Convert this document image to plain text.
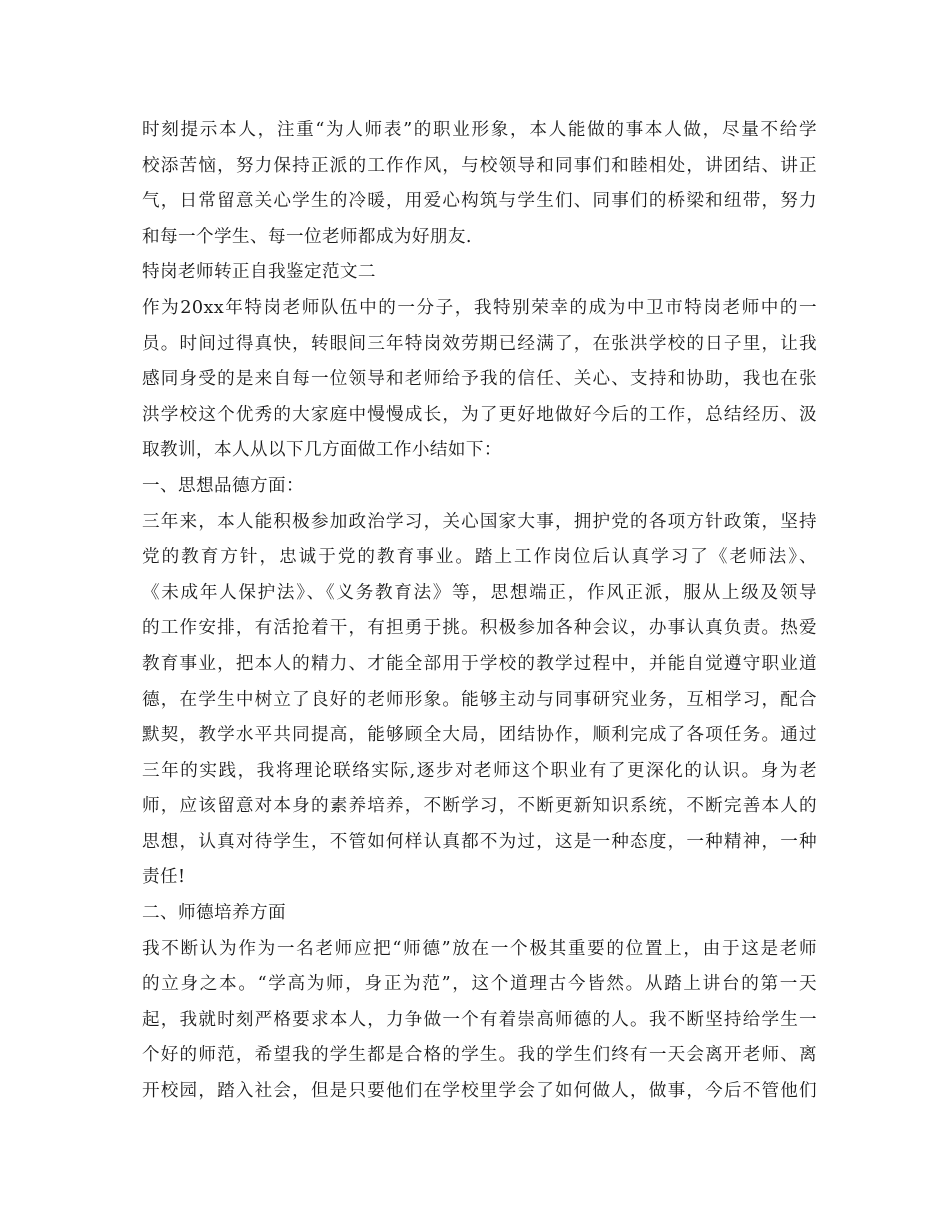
时刻提示本人，注重“为人师表”的职业形象，本人能做的事本人做，尽量不给学
校添苦恼，努力保持正派的工作作风，与校领导和同事们和睦相处，讲团结、讲正
气，日常留意关心学生的冷暖，用爱心构筑与学生们、同事们的桥梁和纽带，努力
和每一个学生、每一位老师都成为好朋友.
特岗老师转正自我鉴定范文二
作为20xx年特岗老师队伍中的一分子，我特别荣幸的成为中卫市特岗老师中的一
员。时间过得真快，转眼间三年特岗效劳期已经满了，在张洪学校的日子里，让我
感同身受的是来自每一位领导和老师给予我的信任、关心、支持和协助，我也在张
洪学校这个优秀的大家庭中慢慢成长，为了更好地做好今后的工作，总结经历、汲
取教训，本人从以下几方面做工作小结如下：
一、思想品德方面：
三年来，本人能积极参加政治学习，关心国家大事，拥护党的各项方针政策，坚持
党的教育方针，忠诚于党的教育事业。踏上工作岗位后认真学习了《老师法》、
《未成年人保护法》、《义务教育法》等，思想端正，作风正派，服从上级及领导
的工作安排，有活抢着干，有担勇于挑。积极参加各种会议，办事认真负责。热爱
教育事业，把本人的精力、才能全部用于学校的教学过程中，并能自觉遵守职业道
德，在学生中树立了良好的老师形象。能够主动与同事研究业务，互相学习，配合
默契，教学水平共同提高，能够顾全大局，团结协作，顺利完成了各项任务。通过
三年的实践，我将理论联络实际,逐步对老师这个职业有了更深化的认识。身为老
师，应该留意对本身的素养培养，不断学习，不断更新知识系统，不断完善本人的
思想，认真对待学生，不管如何样认真都不为过，这是一种态度，一种精神，一种
责任!
二、师德培养方面
我不断认为作为一名老师应把“师德”放在一个极其重要的位置上，由于这是老师
的立身之本。“学高为师，身正为范”，这个道理古今皆然。从踏上讲台的第一天
起，我就时刻严格要求本人，力争做一个有着崇高师德的人。我不断坚持给学生一
个好的师范，希望我的学生都是合格的学生。我的学生们终有一天会离开老师、离
开校园，踏入社会，但是只要他们在学校里学会了如何做人，做事，今后不管他们
